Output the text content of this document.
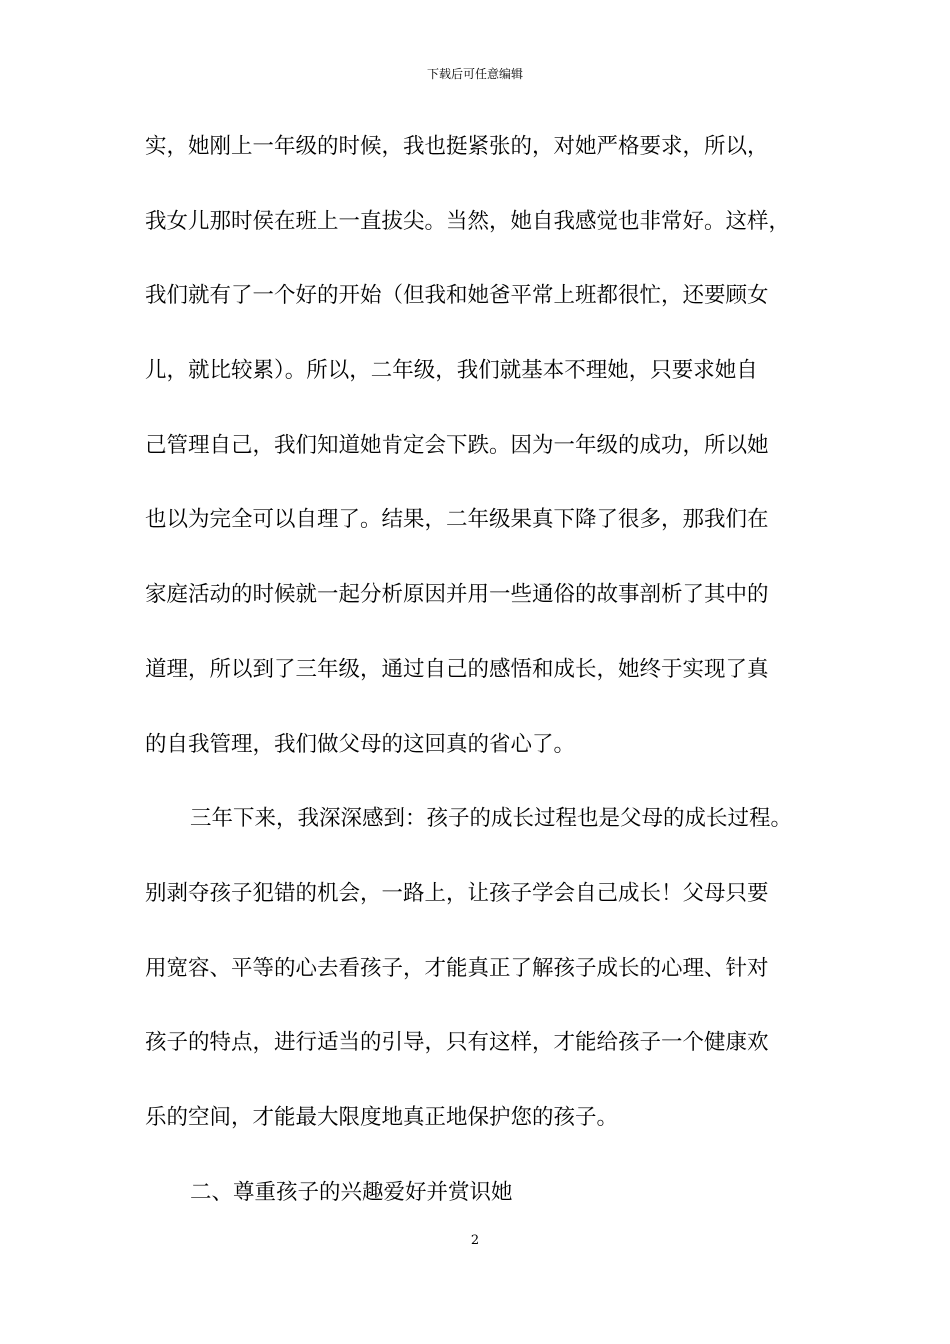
下载后可任意编辑
实，她刚上一年级的时候，我也挺紧张的，对她严格要求，所以，
我女儿那时侯在班上一直拔尖。当然，她自我感觉也非常好。这样，
我们就有了一个好的开始（但我和她爸平常上班都很忙，还要顾女
儿，就比较累）。所以，二年级，我们就基本不理她，只要求她自
己管理自己，我们知道她肯定会下跌。因为一年级的成功，所以她
也以为完全可以自理了。结果，二年级果真下降了很多，那我们在
家庭活动的时候就一起分析原因并用一些通俗的故事剖析了其中的
道理，所以到了三年级，通过自己的感悟和成长，她终于实现了真
的自我管理，我们做父母的这回真的省心了。
三年下来，我深深感到：孩子的成长过程也是父母的成长过程。
别剥夺孩子犯错的机会，一路上，让孩子学会自己成长！父母只要
用宽容、平等的心去看孩子，才能真正了解孩子成长的心理、针对
孩子的特点，进行适当的引导，只有这样，才能给孩子一个健康欢
乐的空间，才能最大限度地真正地保护您的孩子。
二、尊重孩子的兴趣爱好并赏识她
2
